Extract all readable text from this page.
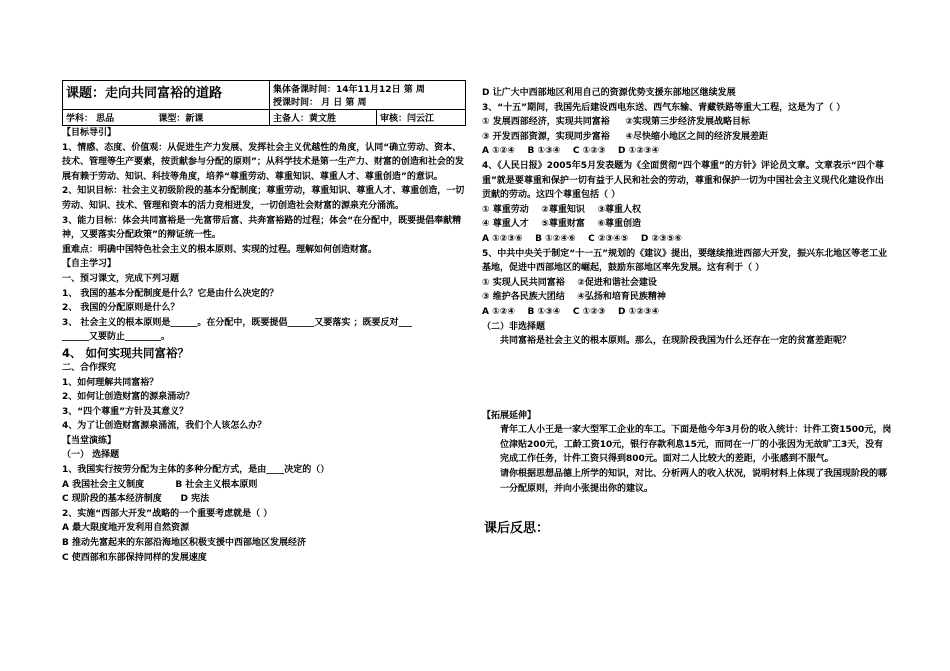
课题：走向共同富裕的道路	集体备课时间：14年11月12日 第 周
授课时间： 月 日 第 周	

学科： 思品 课型：新课	主备人：黄文胜	审核：闫云江
【目标导引】
1、情感、态度、价值观：从促进生产力发展、发挥社会主义优越性的角度，认同“确立劳动、资本、技术、管理等生产要素，按贡献参与分配的原则”；从科学技术是第一生产力、财富的创造和社会的发展有赖于劳动、知识、科技等角度，培养“尊重劳动、尊重知识、尊重人才、尊重创造”的意识。
2、知识目标：社会主义初级阶段的基本分配制度；尊重劳动，尊重知识、尊重人才、尊重创造，一切劳动、知识、技术、管理和资本的活力竞相迸发，一切创造社会财富的源泉充分涌流。
3、能力目标：体会共同富裕是一先富带后富、共奔富裕路的过程；体会“在分配中，既要提倡奉献精神，又要落实分配政策”的辩证统一性。
重难点：明确中国特色社会主义的根本原则、实现的过程。理解如何创造财富。
【自主学习】
一、预习课文，完成下列习题
1、 我国的基本分配制度是什么？它是由什么决定的？
2、 我国的分配原则是什么？
3、 社会主义的根本原则是______。在分配中，既要提倡______又要落实 ；既要反对___
______又要防止________。
4、 如何实现共同富裕？
二、合作探究
1、如何理解共同富裕？
2、如何让创造财富的源泉涌动？
3、“四个尊重”方针及其意义？
4、为了让创造财富源泉涌流，我们个人该怎么办？
【当堂演练】
（一） 选择题
1、我国实行按劳分配为主体的多种分配方式，是由____决定的（）
A 我国社会主义制度          B 社会主义根本原则
C 现阶段的基本经济制度      D 宪法
2、实施“西部大开发”战略的一个重要考虑就是（ ）
A 最大限度地开发利用自然资源
B 推动先富起来的东部沿海地区积极支援中西部地区发展经济
C 使西部和东部保持同样的发展速度
D 让广大中西部地区利用自己的资源优势支援东部地区继续发展
3、“十五”期间，我国先后建设西电东送、西气东输、青藏铁路等重大工程，这是为了（ ）
① 发展西部经济，实现共同富裕     ②实现第三步经济发展战略目标
③ 开发西部资源，实现同步富裕     ④尽快缩小地区之间的经济发展差距
A ①②④    B ①③④    C ①②③    D ①②③④
4、《人民日报》2005年5月发表题为《全面贯彻“四个尊重”的方针》评论员文章。文章表示“四个尊重”就是要尊重和保护一切有益于人民和社会的劳动，尊重和保护一切为中国社会主义现代化建设作出贡献的劳动。这四个尊重包括（ ）
① 尊重劳动    ②尊重知识    ③尊重人权
④ 尊重人才    ⑤尊重财富    ⑥尊重创造
A ①②③⑥    B ①②④⑥    C ②③④⑤    D ②③⑤⑥
5、中共中央关于制定“十一五”规划的《建议》提出，要继续推进西部大开发，振兴东北地区等老工业基地，促进中西部地区的崛起，鼓励东部地区率先发展。这有利于（ ）
① 实现人民共同富裕    ②促进和谐社会建设
③ 维护各民族大团结    ④弘扬和培育民族精神
A ①②④    B ①③④    C ①②③    D ①②③④
（二）非选择题
共同富裕是社会主义的根本原则。那么，在现阶段我国为什么还存在一定的贫富差距呢？
【拓展延伸】
青年工人小王是一家大型军工企业的车工。下面是他今年3月份的收入统计：计件工资1500元，岗位津贴200元，工龄工资10元，银行存款利息15元，而同在一厂的小张因为无故旷工3天，没有完成工作任务，计件工资只得到800元。面对二人比较大的差距，小张感到不服气。
请你根据思想品德上所学的知识，对比、分析两人的收入状况，说明材料上体现了我国现阶段的哪一分配原则，并向小张提出你的建议。
课后反思：
